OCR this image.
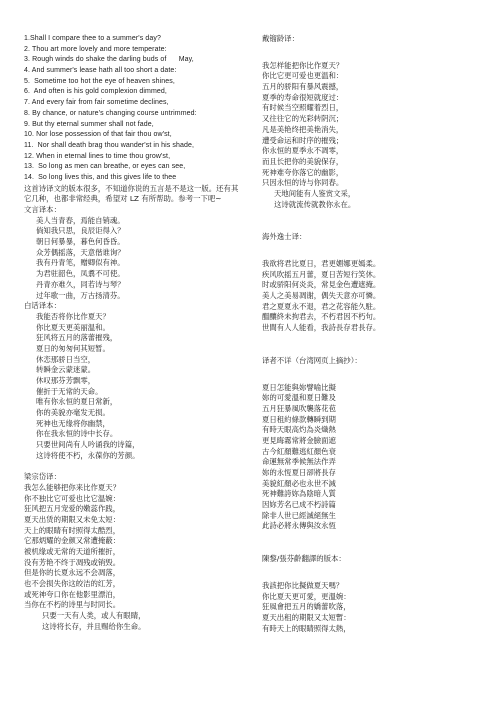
1.Shall I compare thee to a summer's day?
2. Thou art more lovely and more temperate:
3. Rough winds do shake the darling buds of      May,
4. And summer's lease hath all too short a date:
5.  Sometime too hot the eye of heaven shines,
6.  And often is his gold complexion dimmed,
7. And every fair from fair sometime declines,
8. By chance, or nature's changing course untrimmed:
9. But thy eternal summer shall not fade,
10. Nor lose possession of that fair thou ow'st,
11.  Nor shall death brag thou wander'st in his shade,
12. When in eternal lines to time thou grow'st,
13.  So long as men can breathe, or eyes can see,
14.  So long lives this, and this gives life to thee
这首诗译文的版本很多，不知道你说的五言是不是这一版。还有其
它几种，也都非常经典，希望对 LZ 有所帮助。参考一下吧~
文言译本：
美人当青春，焉能自销魂。
倘知我只思，良辰讵得入？
朝日何暴暴，暮色何昏昏。
众芳偶摇落，天意偕谁询？
我有丹青笔，赠卿似有神。
为君驻韶色，凤翥不可使。
丹青亦难久，同若诗与琴？
过年歌一曲，万古扬清芬。
白话译本：
我能否将你比作夏天？
你比夏天更美丽温和。
狂风将五月的落蕾摧残，
夏日的匆匆何其短暂。
休恋那骄日当空，
转瞬金云蒙迷蒙。
休叹那芬芳飘零，
催折于无常的天命。
唯有你永恒的夏日常新，
你的美貌亦毫发无损。
死神也无缘将你幽禁，
你在我永恒的诗中长存。
只要世间尚有人吟诵我的诗篇，
这诗将使不朽，永葆你的芳颜。
梁宗岱译：
我怎么能够把你来比作夏天？
你不独比它可爱也比它温婉：
狂风把五月宠爱的嫩蕊作践，
夏天出赁的期限又未免太短：
天上的眼睛有时照得太酷烈，
它那炳耀的金颜又常遭掩蔽：
被机缘或无常的天道所摧折，
没有芳艳不终于凋残或销毁。
但是你的长夏永远不会凋落，
也不会损失你这皎洁的红芳，
或死神夸口你在他影里漂泊，
当你在不朽的诗里与时同长。
只要一天有人类，或人有眼睛，
这诗将长存，并且赐给你生命。
戴镏龄译：
我怎样能把你比作夏天？
你比它更可爱也更温和：
五月的骄阳有暴风震撼，
夏季的寿命很短就度过：
有时候当空照耀着烈日，
又往往它的光彩转阴沉；
凡是美艳终把美艳消失，
遭受命运和时序的摧残；
你永恒的夏季永不凋零，
而且长把你的美貌保存，
死神难夸你落它的幽影，
只因永恒的诗与你同春。
天地间能有人鉴赏文采，
这诗就流传就教你永在。
海外逸士译：
我欲将君比夏日，君更媚娜更嫣柔。
疾风吹摇五月蕾，夏日苦短行笑休。
时或骄阳何炎炎，常見金色遭遮掩。
美人之美易凋谢，偶失天意亦可憐。
君之夏夏永不退，君之花容能久駐。
醞釀終未拘君去，不朽君因不朽句。
世間有人人能看，我詩長存君長存。
译者不详（台湾网页上摘抄）：
夏日怎能與妳譬喻比擬
妳的可愛溫和夏日難及
五月狂暴風吹襲落花苞
夏日租約條款轉瞬到期
有時天眼高灼為炎熾熱
更見晦霧常將金臉面遮
古今紅顏難逃紅顏色衰
命運無常季候無法作弄
妳的永恆夏日卻將長存
美貌紅顏必也永世不減
死神難誇妳為陰暗人質
因妳芳名已成不朽詩篇
除非人世已經滅絕無生
此詩必將永傳與汝永恆
陳黎/張芬齡翻譯的版本：
我該把你比擬做夏天嗎？
你比夏天更可愛，更溫婉：
狂風會把五月的嬌蕾吹落，
夏天出租的期限又太短暫：
有時天上的眼睛照得太熱，
